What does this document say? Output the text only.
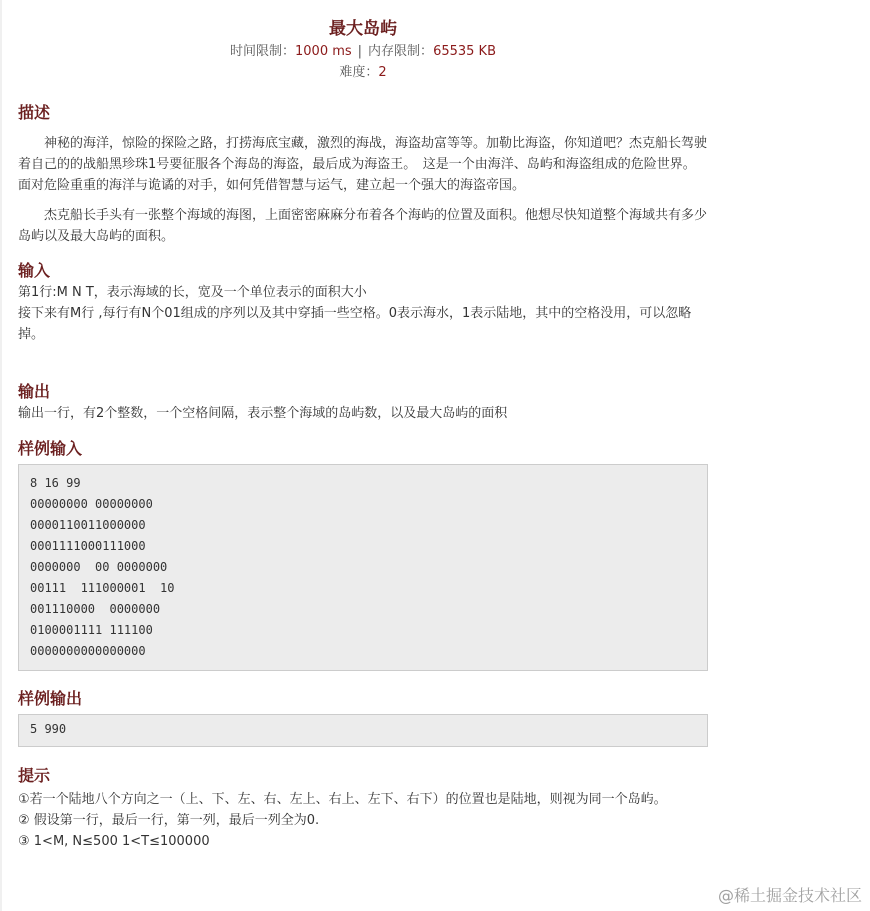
最大岛屿
时间限制：1000 ms | 内存限制：65535 KB
难度：2
描述
神秘的海洋，惊险的探险之路，打捞海底宝藏，激烈的海战，海盗劫富等等。加勒比海盗，你知道吧？杰克船长驾驶着自己的的战船黑珍珠1号要征服各个海岛的海盗，最后成为海盗王。　这是一个由海洋、岛屿和海盗组成的危险世界。面对危险重重的海洋与诡谲的对手，如何凭借智慧与运气，建立起一个强大的海盗帝国。
杰克船长手头有一张整个海域的海图，上面密密麻麻分布着各个海屿的位置及面积。他想尽快知道整个海域共有多少岛屿以及最大岛屿的面积。
输入
第1行:M N T，表示海域的长，宽及一个单位表示的面积大小
接下来有M行 ,每行有N个01组成的序列以及其中穿插一些空格。0表示海水，1表示陆地，其中的空格没用，可以忽略掉。
输出
输出一行，有2个整数，一个空格间隔，表示整个海域的岛屿数，以及最大岛屿的面积
样例输入
8 16 99
00000000 00000000
0000110011000000
0001111000111000
0000000  00 0000000
00111  111000001  10
001110000  0000000
0100001111 111100
0000000000000000
样例输出
5 990
提示
①若一个陆地八个方向之一（上、下、左、右、左上、右上、左下、右下）的位置也是陆地，则视为同一个岛屿。
② 假设第一行，最后一行，第一列，最后一列全为0.
③ 1<M, N≤500 1<T≤100000
@稀土掘金技术社区
